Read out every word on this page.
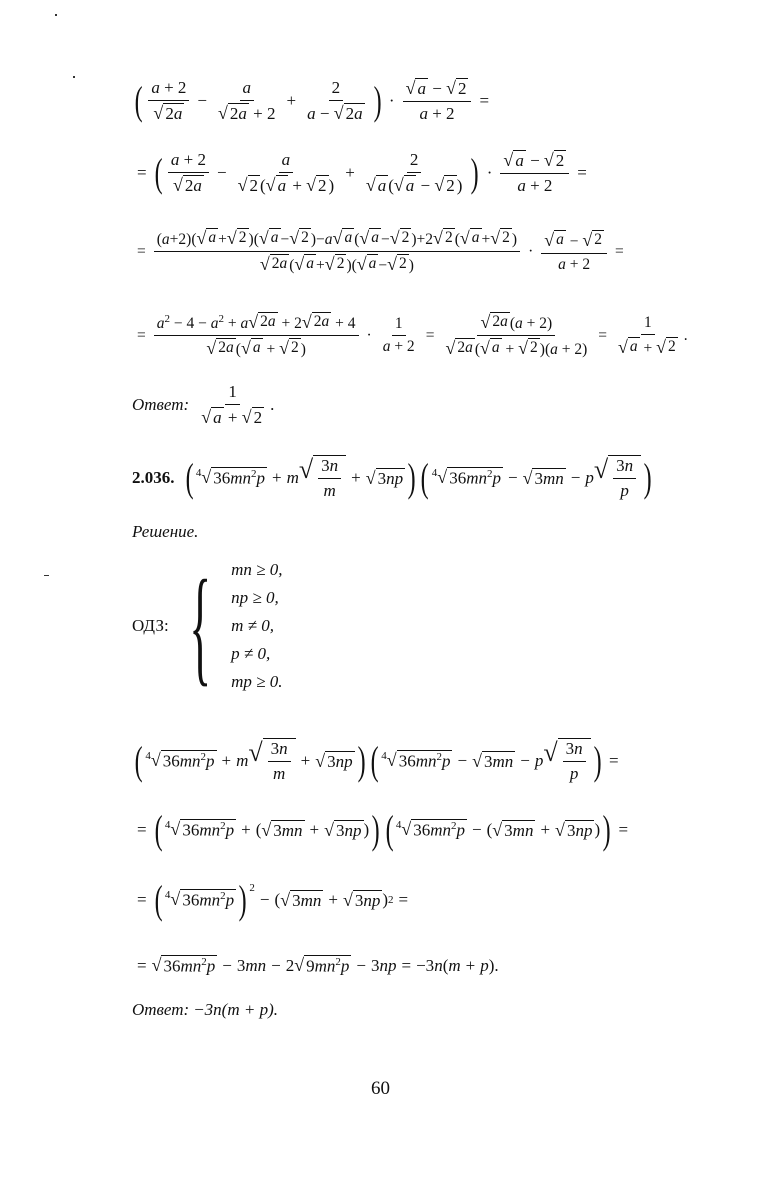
( $\frac{a + 2}{√ 2a} - \frac{a}{√ 2a + 2} + \frac{2}{a - √ 2a}$ ) · $\frac{√ a - √ 2}{a + 2}$ =
= ( $\frac{a + 2}{√ 2a} - \frac{a}{√ 2 ( √ a + √ 2 )} + \frac{2}{√ a ( √ a - √ 2 )}$ ) · $\frac{√ a - √ 2}{a + 2}$ =
= $\frac{(a+2)( √ a + √ 2 )( √ a - √ 2 )-a √ a ( √ a - √ 2 )+2 √ 2 ( √ a + √ 2 )}{√ 2a ( √ a + √ 2 )( √ a - √ 2 )} \cdot \frac{√ a - √ 2}{a + 2}$ =
= $\frac{a^2 - 4 - a^2 + a √ 2a + 2 √ 2a + 4}{√ 2a ( √ a + √ 2 )} \cdot \frac{1}{a + 2} = \frac{√ 2a (a + 2)}{√ 2a ( √ a + √ 2 )(a + 2)} = \frac{1}{√ a + √ 2}$ .
Ответ: $\frac{1}{√ a + √ 2}$ .
2.036. ( 4 √ $36mn^2p + m$ √ $\frac{3n}{m}$ + √ 3np ) ( 4 √ $36mn^2p$ − √ 3mn − p √ $\frac{3n}{p}$ )
Решение.
ОДЗ: { mn ≥ 0,
np ≥ 0,
m ≠ 0,
p ≠ 0,
mp ≥ 0.
( 4 √ $36mn^2p + m$ √ $\frac{3n}{m}$ + √ 3np ) ( 4 √ $36mn^2p$ − √ 3mn − p √ $\frac{3n}{p}$ ) =
= ( 4 √ $36mn^2p$ + ( √ 3mn + √ 3np ) ) ( 4 √ $36mn^2p$ − ( √ 3mn + √ 3np ) ) =
= ( 4 √ $36mn^2p$ )$^2$
− ( √ 3mn + √ 3np ) 2 =
= √ $36mn^2p - 3$ mn − 2 √ $9mn^2p - 3$ np = −3 n ( m + p ).
Ответ: −3n(m + p).
60
